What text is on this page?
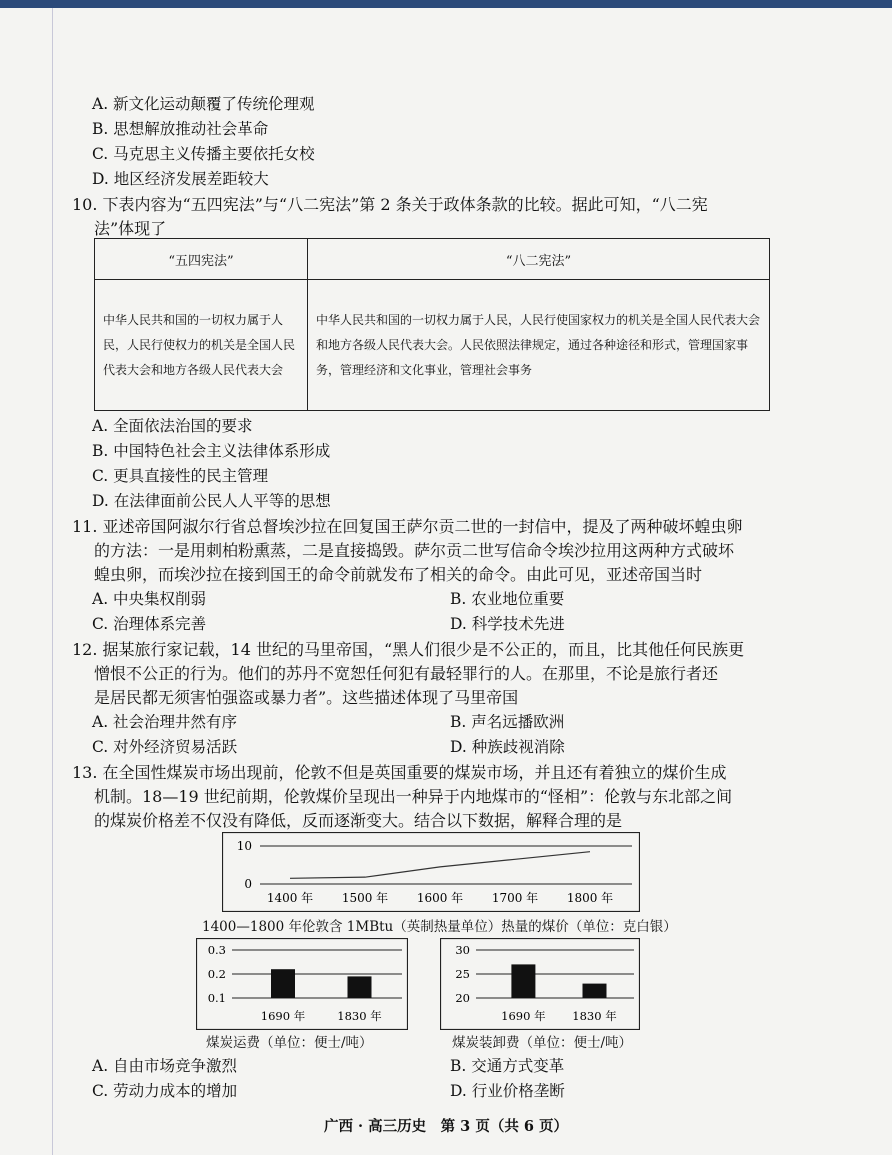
A. 新文化运动颠覆了传统伦理观
B. 思想解放推动社会革命
C. 马克思主义传播主要依托女校
D. 地区经济发展差距较大
10. 下表内容为“五四宪法”与“八二宪法”第 2 条关于政体条款的比较。据此可知，“八二宪
法”体现了
“五四宪法”	“八二宪法”
中华人民共和国的一切权力属于人民，人民行使权力的机关是全国人民代表大会和地方各级人民代表大会	中华人民共和国的一切权力属于人民，人民行使国家权力的机关是全国人民代表大会和地方各级人民代表大会。人民依照法律规定，通过各种途径和形式，管理国家事务，管理经济和文化事业，管理社会事务
A. 全面依法治国的要求
B. 中国特色社会主义法律体系形成
C. 更具直接性的民主管理
D. 在法律面前公民人人平等的思想
11. 亚述帝国阿淑尔行省总督埃沙拉在回复国王萨尔贡二世的一封信中，提及了两种破坏蝗虫卵
的方法：一是用刺柏粉熏蒸，二是直接捣毁。萨尔贡二世写信命令埃沙拉用这两种方式破坏
蝗虫卵，而埃沙拉在接到国王的命令前就发布了相关的命令。由此可见，亚述帝国当时
A. 中央集权削弱	B. 农业地位重要
C. 治理体系完善	D. 科学技术先进
12. 据某旅行家记载，14 世纪的马里帝国，“黑人们很少是不公正的，而且，比其他任何民族更
憎恨不公正的行为。他们的苏丹不宽恕任何犯有最轻罪行的人。在那里，不论是旅行者还
是居民都无须害怕强盗或暴力者”。这些描述体现了马里帝国
A. 社会治理井然有序	B. 声名远播欧洲
C. 对外经济贸易活跃	D. 种族歧视消除
13. 在全国性煤炭市场出现前，伦敦不但是英国重要的煤炭市场，并且还有着独立的煤价生成
机制。18—19 世纪前期，伦敦煤价呈现出一种异于内地煤市的“怪相”：伦敦与东北部之间
的煤炭价格差不仅没有降低，反而逐渐变大。结合以下数据，解释合理的是
0
10
1400 年 1500 年 1600 年 1700 年 1800 年
1400—1800 年伦敦含 1MBtu（英制热量单位）热量的煤价（单位：克白银）
0.1
0.2
0.3
1690 年	1830 年
煤炭运费（单位：便士/吨）
20
25
30
1690 年 1830 年
煤炭装卸费（单位：便士/吨）
A. 自由市场竞争激烈	B. 交通方式变革
C. 劳动力成本的增加	D. 行业价格垄断
广西 · 高三历史　第 3 页（共 6 页）
